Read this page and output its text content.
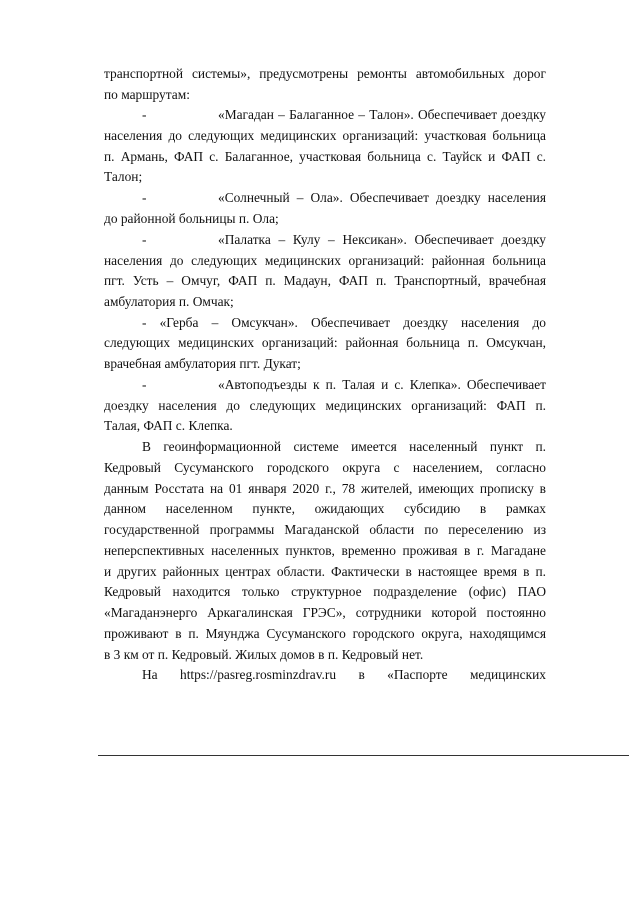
транспортной системы», предусмотрены ремонты автомобильных дорог
по маршрутам:
-	«Магадан – Балаганное – Талон». Обеспечивает доездку
населения до следующих медицинских организаций: участковая больница
п. Армань, ФАП с. Балаганное, участковая больница с. Тауйск и ФАП с.
Талон;
-	«Солнечный – Ола». Обеспечивает доездку населения
до районной больницы п. Ола;
-	«Палатка – Кулу – Нексикан». Обеспечивает доездку
населения до следующих медицинских организаций: районная больница
пгт. Усть – Омчуг, ФАП п. Мадаун, ФАП п. Транспортный, врачебная
амбулатория п. Омчак;
- «Герба – Омсукчан». Обеспечивает доездку населения до
следующих медицинских организаций: районная больница п. Омсукчан,
врачебная амбулатория пгт. Дукат;
-	«Автоподъезды к п. Талая и с. Клепка». Обеспечивает
доездку населения до следующих медицинских организаций: ФАП п.
Талая, ФАП с. Клепка.
В геоинформационной системе имеется населенный пункт п.
Кедровый Сусуманского городского округа с населением, согласно
данным Росстата на 01 января 2020 г., 78 жителей, имеющих прописку в
данном населенном пункте, ожидающих субсидию в рамках
государственной программы Магаданской области по переселению из
неперспективных населенных пунктов, временно проживая в г. Магадане
и других районных центрах области. Фактически в настоящее время в п.
Кедровый находится только структурное подразделение (офис) ПАО
«Магаданэнерго Аркагалинская ГРЭС», сотрудники которой постоянно
проживают в п. Мяунджа Сусуманского городского округа, находящимся
в 3 км от п. Кедровый. Жилых домов в п. Кедровый нет.
На https://pasreg.rosminzdrav.ru в «Паспорте медицинских
